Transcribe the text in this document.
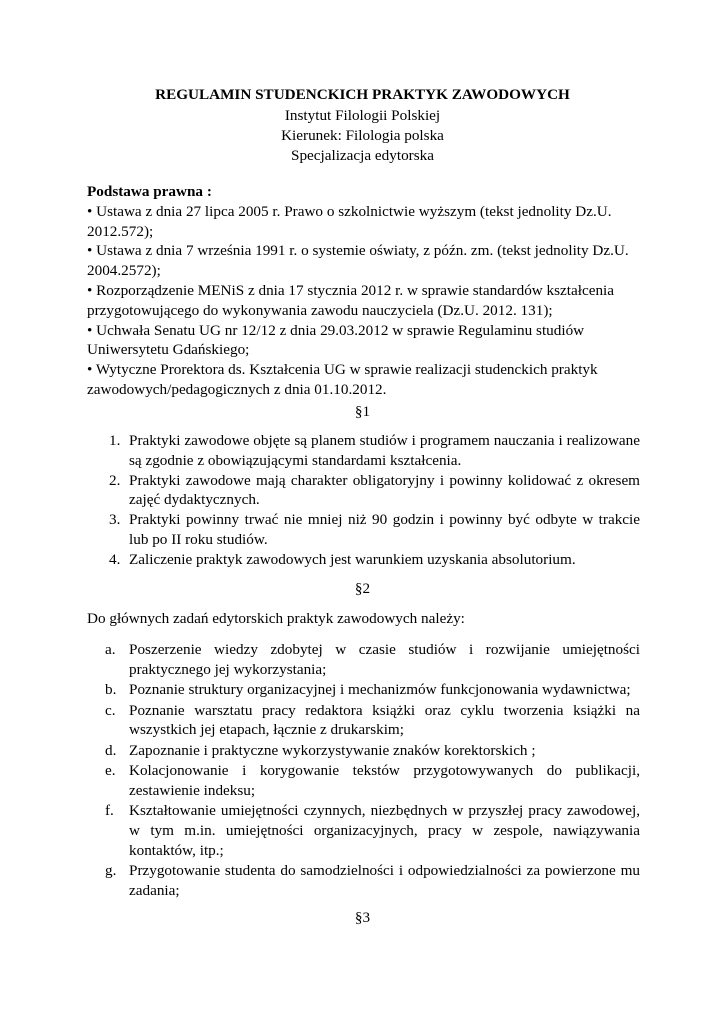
REGULAMIN STUDENCKICH PRAKTYK ZAWODOWYCH
Instytut Filologii Polskiej
Kierunek: Filologia polska
Specjalizacja edytorska
Podstawa prawna :

• Ustawa z dnia 27 lipca 2005 r. Prawo o szkolnictwie wyższym (tekst jednolity Dz.U. 2012.572);

• Ustawa z dnia 7 września 1991 r. o systemie oświaty, z późn. zm. (tekst jednolity Dz.U. 2004.2572);

• Rozporządzenie MENiS z dnia 17 stycznia 2012 r. w sprawie standardów kształcenia przygotowującego do wykonywania zawodu nauczyciela (Dz.U. 2012. 131);

• Uchwała Senatu UG nr 12/12 z dnia 29.03.2012 w sprawie Regulaminu studiów Uniwersytetu Gdańskiego;

• Wytyczne Prorektora ds. Kształcenia UG w sprawie realizacji studenckich praktyk zawodowych/pedagogicznych z dnia 01.10.2012.

§1
1. Praktyki zawodowe objęte są planem studiów i programem nauczania i realizowane są zgodnie z obowiązującymi standardami kształcenia.
2. Praktyki zawodowe mają charakter obligatoryjny i powinny kolidować z okresem zajęć dydaktycznych.
3. Praktyki powinny trwać nie mniej niż 90 godzin i powinny być odbyte w trakcie lub po II roku studiów.
4. Zaliczenie praktyk zawodowych jest warunkiem uzyskania absolutorium.
§2
Do głównych zadań edytorskich praktyk zawodowych należy:
a. Poszerzenie wiedzy zdobytej w czasie studiów i rozwijanie umiejętności praktycznego jej wykorzystania;
b. Poznanie struktury organizacyjnej i mechanizmów funkcjonowania wydawnictwa;
c. Poznanie warsztatu pracy redaktora książki oraz cyklu tworzenia książki na wszystkich jej etapach, łącznie z drukarskim;
d. Zapoznanie i praktyczne wykorzystywanie znaków korektorskich ;
e. Kolacjonowanie i korygowanie tekstów przygotowywanych do publikacji, zestawienie indeksu;
f. Kształtowanie umiejętności czynnych, niezbędnych w przyszłej pracy zawodowej, w tym m.in. umiejętności organizacyjnych, pracy w zespole, nawiązywania kontaktów, itp.;
g. Przygotowanie studenta do samodzielności i odpowiedzialności za powierzone mu zadania;
§3
